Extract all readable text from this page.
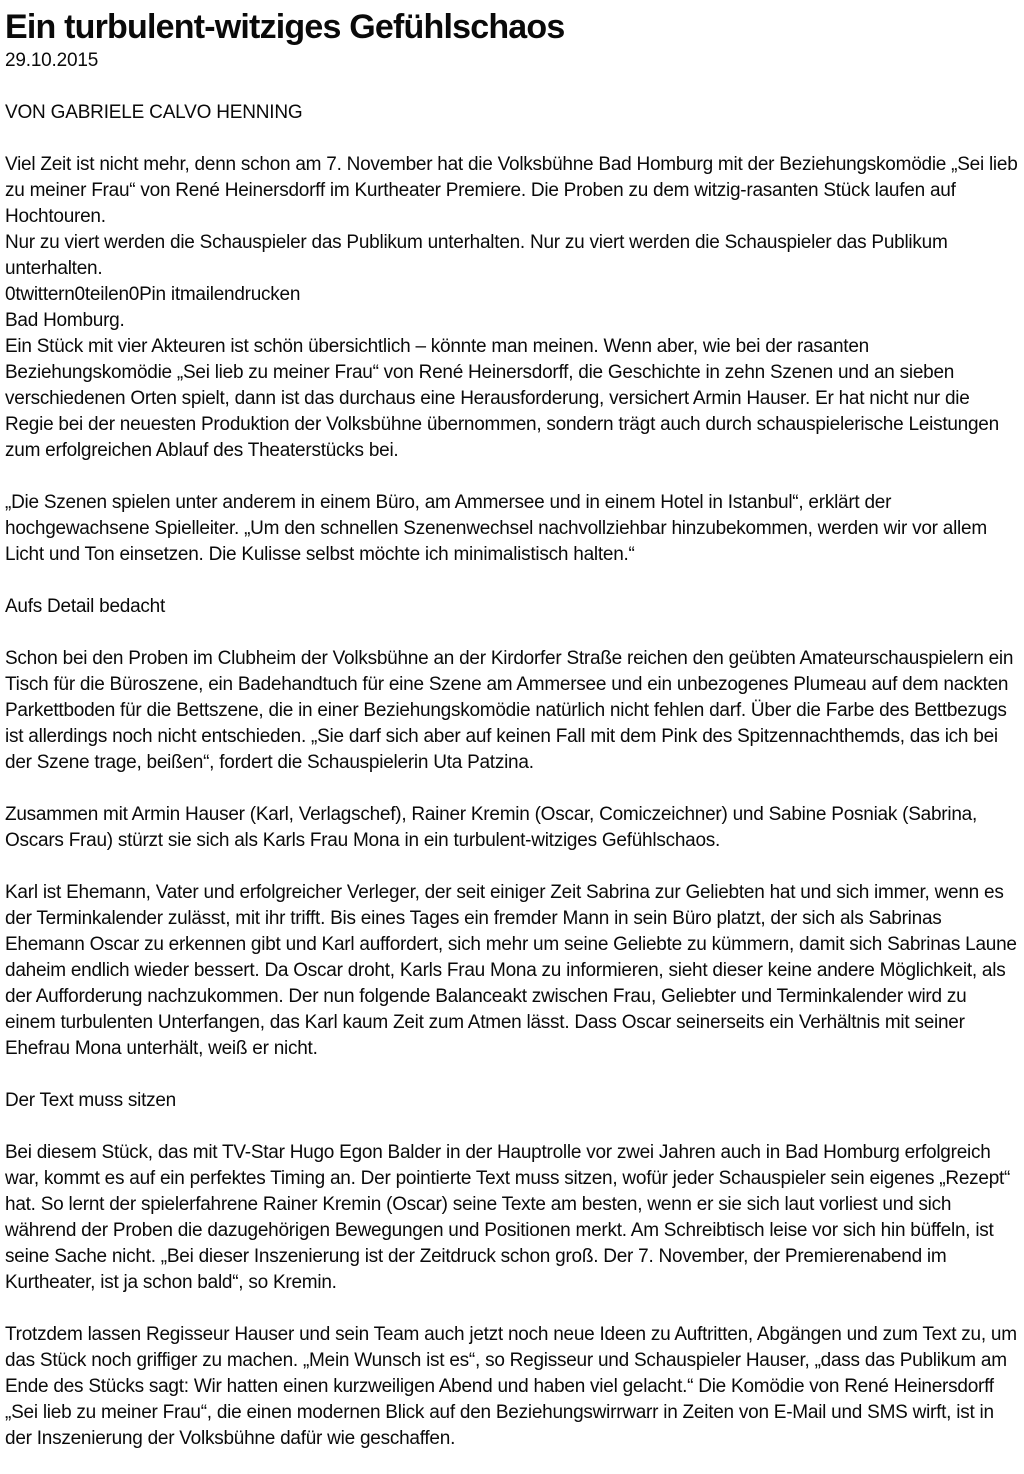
Ein turbulent-witziges Gefühlschaos
29.10.2015
VON GABRIELE CALVO HENNING

Viel Zeit ist nicht mehr, denn schon am 7. November hat die Volksbühne Bad Homburg mit der Beziehungskomödie „Sei lieb zu meiner Frau“ von René Heinersdorff im Kurtheater Premiere. Die Proben zu dem witzig-rasanten Stück laufen auf Hochtouren.

Nur zu viert werden die Schauspieler das Publikum unterhalten. Nur zu viert werden die Schauspieler das Publikum unterhalten.

0twittern0teilen0Pin itmailendrucken

Bad Homburg.

Ein Stück mit vier Akteuren ist schön übersichtlich – könnte man meinen. Wenn aber, wie bei der rasanten Beziehungskomödie „Sei lieb zu meiner Frau“ von René Heinersdorff, die Geschichte in zehn Szenen und an sieben verschiedenen Orten spielt, dann ist das durchaus eine Herausforderung, versichert Armin Hauser. Er hat nicht nur die Regie bei der neuesten Produktion der Volksbühne übernommen, sondern trägt auch durch schauspielerische Leistungen zum erfolgreichen Ablauf des Theaterstücks bei.

„Die Szenen spielen unter anderem in einem Büro, am Ammersee und in einem Hotel in Istanbul“, erklärt der hochgewachsene Spielleiter. „Um den schnellen Szenenwechsel nachvollziehbar hinzubekommen, werden wir vor allem Licht und Ton einsetzen. Die Kulisse selbst möchte ich minimalistisch halten.“

Aufs Detail bedacht

Schon bei den Proben im Clubheim der Volksbühne an der Kirdorfer Straße reichen den geübten Amateurschauspielern ein Tisch für die Büroszene, ein Badehandtuch für eine Szene am Ammersee und ein unbezogenes Plumeau auf dem nackten Parkettboden für die Bettszene, die in einer Beziehungskomödie natürlich nicht fehlen darf. Über die Farbe des Bettbezugs ist allerdings noch nicht entschieden. „Sie darf sich aber auf keinen Fall mit dem Pink des Spitzennachthemds, das ich bei der Szene trage, beißen“, fordert die Schauspielerin Uta Patzina.

Zusammen mit Armin Hauser (Karl, Verlagschef), Rainer Kremin (Oscar, Comiczeichner) und Sabine Posniak (Sabrina, Oscars Frau) stürzt sie sich als Karls Frau Mona in ein turbulent-witziges Gefühlschaos.

Karl ist Ehemann, Vater und erfolgreicher Verleger, der seit einiger Zeit Sabrina zur Geliebten hat und sich immer, wenn es der Terminkalender zulässt, mit ihr trifft. Bis eines Tages ein fremder Mann in sein Büro platzt, der sich als Sabrinas Ehemann Oscar zu erkennen gibt und Karl auffordert, sich mehr um seine Geliebte zu kümmern, damit sich Sabrinas Laune daheim endlich wieder bessert. Da Oscar droht, Karls Frau Mona zu informieren, sieht dieser keine andere Möglichkeit, als der Aufforderung nachzukommen. Der nun folgende Balanceakt zwischen Frau, Geliebter und Terminkalender wird zu einem turbulenten Unterfangen, das Karl kaum Zeit zum Atmen lässt. Dass Oscar seinerseits ein Verhältnis mit seiner Ehefrau Mona unterhält, weiß er nicht.

Der Text muss sitzen

Bei diesem Stück, das mit TV-Star Hugo Egon Balder in der Hauptrolle vor zwei Jahren auch in Bad Homburg erfolgreich war, kommt es auf ein perfektes Timing an. Der pointierte Text muss sitzen, wofür jeder Schauspieler sein eigenes „Rezept“ hat. So lernt der spielerfahrene Rainer Kremin (Oscar) seine Texte am besten, wenn er sie sich laut vorliest und sich während der Proben die dazugehörigen Bewegungen und Positionen merkt. Am Schreibtisch leise vor sich hin büffeln, ist seine Sache nicht. „Bei dieser Inszenierung ist der Zeitdruck schon groß. Der 7. November, der Premierenabend im Kurtheater, ist ja schon bald“, so Kremin.

Trotzdem lassen Regisseur Hauser und sein Team auch jetzt noch neue Ideen zu Auftritten, Abgängen und zum Text zu, um das Stück noch griffiger zu machen. „Mein Wunsch ist es“, so Regisseur und Schauspieler Hauser, „dass das Publikum am Ende des Stücks sagt: Wir hatten einen kurzweiligen Abend und haben viel gelacht.“ Die Komödie von René Heinersdorff „Sei lieb zu meiner Frau“, die einen modernen Blick auf den Beziehungswirrwarr in Zeiten von E-Mail und SMS wirft, ist in der Inszenierung der Volksbühne dafür wie geschaffen.
